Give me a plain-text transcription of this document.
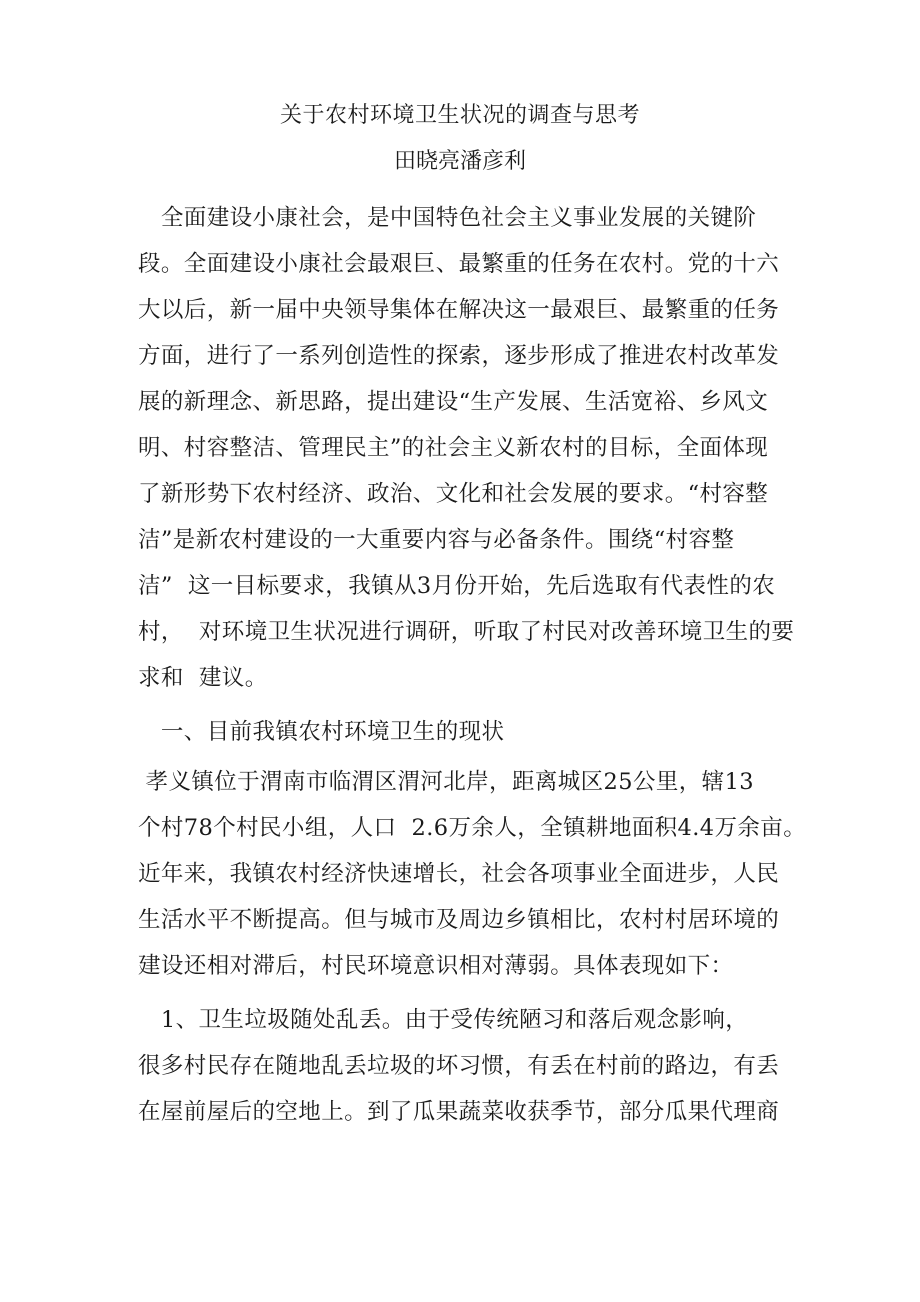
关于农村环境卫生状况的调查与思考
田晓亮潘彦利
　全面建设小康社会，是中国特色社会主义事业发展的关键阶
段。全面建设小康社会最艰巨、最繁重的任务在农村。党的十六
大以后，新一届中央领导集体在解决这一最艰巨、最繁重的任务
方面，进行了一系列创造性的探索，逐步形成了推进农村改革发
展的新理念、新思路，提出建设“生产发展、生活宽裕、乡风文
明、村容整洁、管理民主”的社会主义新农村的目标，全面体现
了新形势下农村经济、政治、文化和社会发展的要求。“村容整
洁”是新农村建设的一大重要内容与必备条件。围绕“村容整
洁”  这一目标要求，我镇从3月份开始，先后选取有代表性的农
村，  对环境卫生状况进行调研，听取了村民对改善环境卫生的要
求和  建议。
　一、目前我镇农村环境卫生的现状
孝义镇位于渭南市临渭区渭河北岸，距离城区25公里，辖13
个村78个村民小组，人口  2.6万余人，全镇耕地面积4.4万余亩。
近年来，我镇农村经济快速增长，社会各项事业全面进步，人民
生活水平不断提高。但与城市及周边乡镇相比，农村村居环境的
建设还相对滞后，村民环境意识相对薄弱。具体表现如下：
　1、卫生垃圾随处乱丢。由于受传统陋习和落后观念影响，
很多村民存在随地乱丢垃圾的坏习惯，有丢在村前的路边，有丢
在屋前屋后的空地上。到了瓜果蔬菜收获季节，部分瓜果代理商
